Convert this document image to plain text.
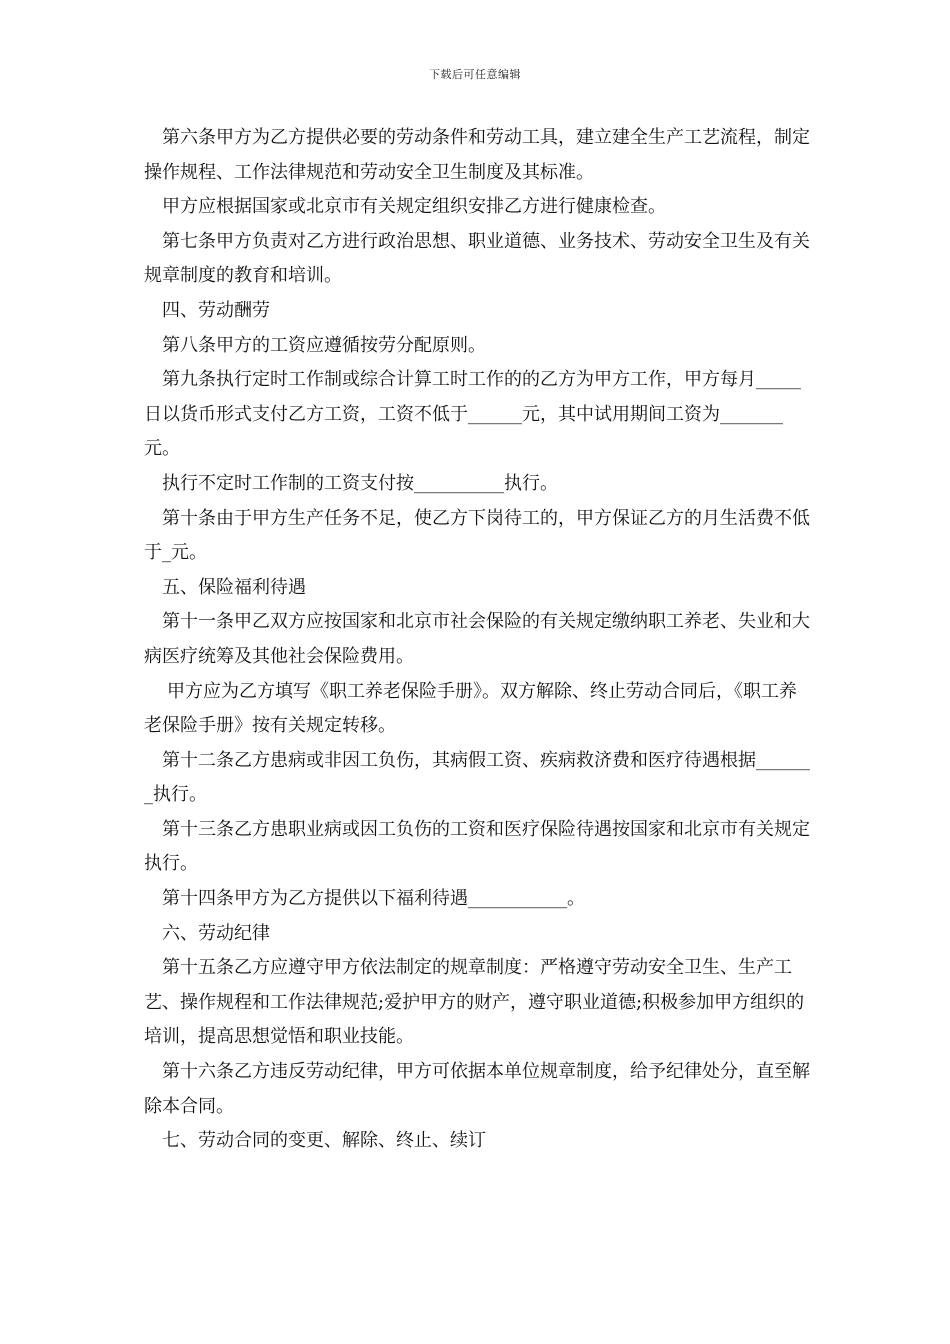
下载后可任意编辑

第六条甲方为乙方提供必要的劳动条件和劳动工具，建立建全生产工艺流程，制定操作规程、工作法律规范和劳动安全卫生制度及其标准。

甲方应根据国家或北京市有关规定组织安排乙方进行健康检查。

第七条甲方负责对乙方进行政治思想、职业道德、业务技术、劳动安全卫生及有关规章制度的教育和培训。

四、劳动酬劳

第八条甲方的工资应遵循按劳分配原则。

第九条执行定时工作制或综合计算工时工作的的乙方为甲方工作，甲方每月_____日以货币形式支付乙方工资，工资不低于______元，其中试用期间工资为_______元。

执行不定时工作制的工资支付按__________执行。

第十条由于甲方生产任务不足，使乙方下岗待工的，甲方保证乙方的月生活费不低于_元。

五、保险福利待遇

第十一条甲乙双方应按国家和北京市社会保险的有关规定缴纳职工养老、失业和大病医疗统筹及其他社会保险费用。

甲方应为乙方填写《职工养老保险手册》。双方解除、终止劳动合同后，《职工养老保险手册》按有关规定转移。

第十二条乙方患病或非因工负伤，其病假工资、疾病救济费和医疗待遇根据_______执行。

第十三条乙方患职业病或因工负伤的工资和医疗保险待遇按国家和北京市有关规定执行。

第十四条甲方为乙方提供以下福利待遇___________。

六、劳动纪律

第十五条乙方应遵守甲方依法制定的规章制度：严格遵守劳动安全卫生、生产工艺、操作规程和工作法律规范;爱护甲方的财产，遵守职业道德;积极参加甲方组织的培训，提高思想觉悟和职业技能。

第十六条乙方违反劳动纪律，甲方可依据本单位规章制度，给予纪律处分，直至解除本合同。

七、劳动合同的变更、解除、终止、续订
